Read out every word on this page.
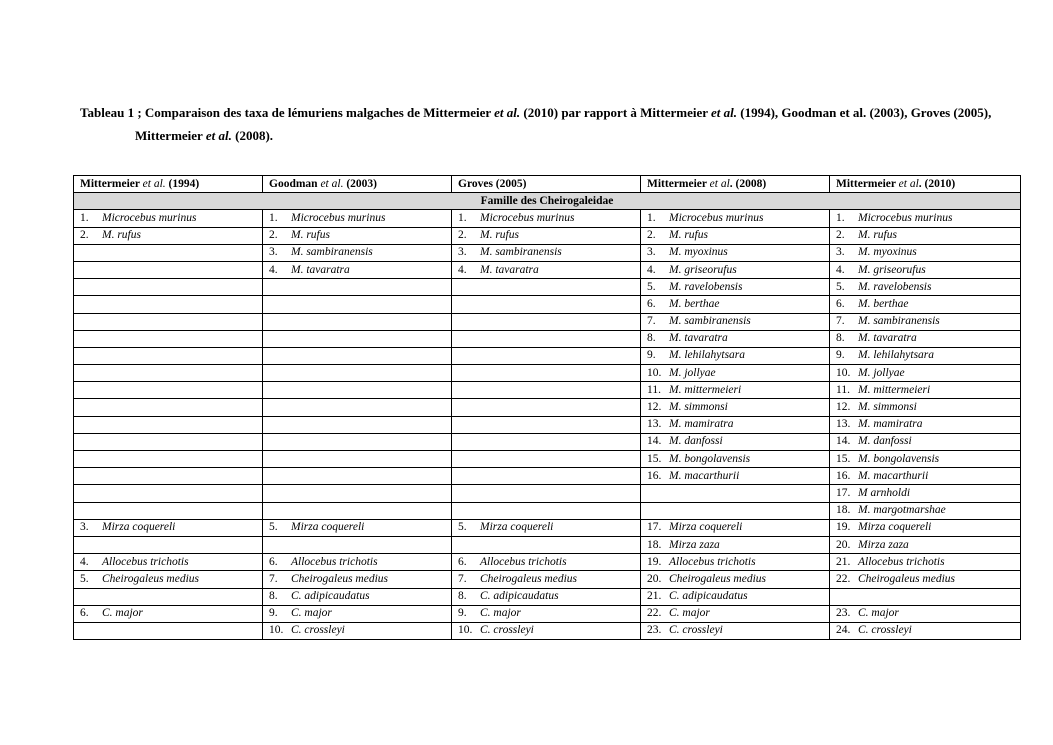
Tableau 1 ; Comparaison des taxa de lémuriens malgaches de Mittermeier et al. (2010) par rapport à Mittermeier et al. (1994), Goodman et al. (2003), Groves (2005),
Mittermeier et al. (2008).
Mittermeier et al. (1994)	Goodman et al. (2003)	Groves (2005)	Mittermeier et al. (2008)	Mittermeier et al. (2010)
Famille des Cheirogaleidae				
1. Microcebus murinus	1. Microcebus murinus	1. Microcebus murinus	1. Microcebus murinus	1. Microcebus murinus
2. M. rufus	2. M. rufus	2. M. rufus	2. M. rufus	2. M. rufus
	3. M. sambiranensis	3. M. sambiranensis	3. M. myoxinus	3. M. myoxinus
	4. M. tavaratra	4. M. tavaratra	4. M. griseorufus	4. M. griseorufus
			5. M. ravelobensis	5. M. ravelobensis
			6. M. berthae	6. M. berthae
			7. M. sambiranensis	7. M. sambiranensis
			8. M. tavaratra	8. M. tavaratra
			9. M. lehilahytsara	9. M. lehilahytsara
			10. M. jollyae	10. M. jollyae
			11. M. mittermeieri	11. M. mittermeieri
			12. M. simmonsi	12. M. simmonsi
			13. M. mamiratra	13. M. mamiratra
			14. M. danfossi	14. M. danfossi
			15. M. bongolavensis	15. M. bongolavensis
			16. M. macarthurii	16. M. macarthurii
				17. M arnholdi
				18. M. margotmarshae
3. Mirza coquereli	5. Mirza coquereli	5. Mirza coquereli	17. Mirza coquereli	19. Mirza coquereli
			18. Mirza zaza	20. Mirza zaza
4. Allocebus trichotis	6. Allocebus trichotis	6. Allocebus trichotis	19. Allocebus trichotis	21. Allocebus trichotis
5. Cheirogaleus medius	7. Cheirogaleus medius	7. Cheirogaleus medius	20. Cheirogaleus medius	22. Cheirogaleus medius
	8. C. adipicaudatus	8. C. adipicaudatus	21. C. adipicaudatus	
6. C. major	9. C. major	9. C. major	22. C. major	23. C. major
	10. C. crossleyi	10. C. crossleyi	23. C. crossleyi	24. C. crossleyi
